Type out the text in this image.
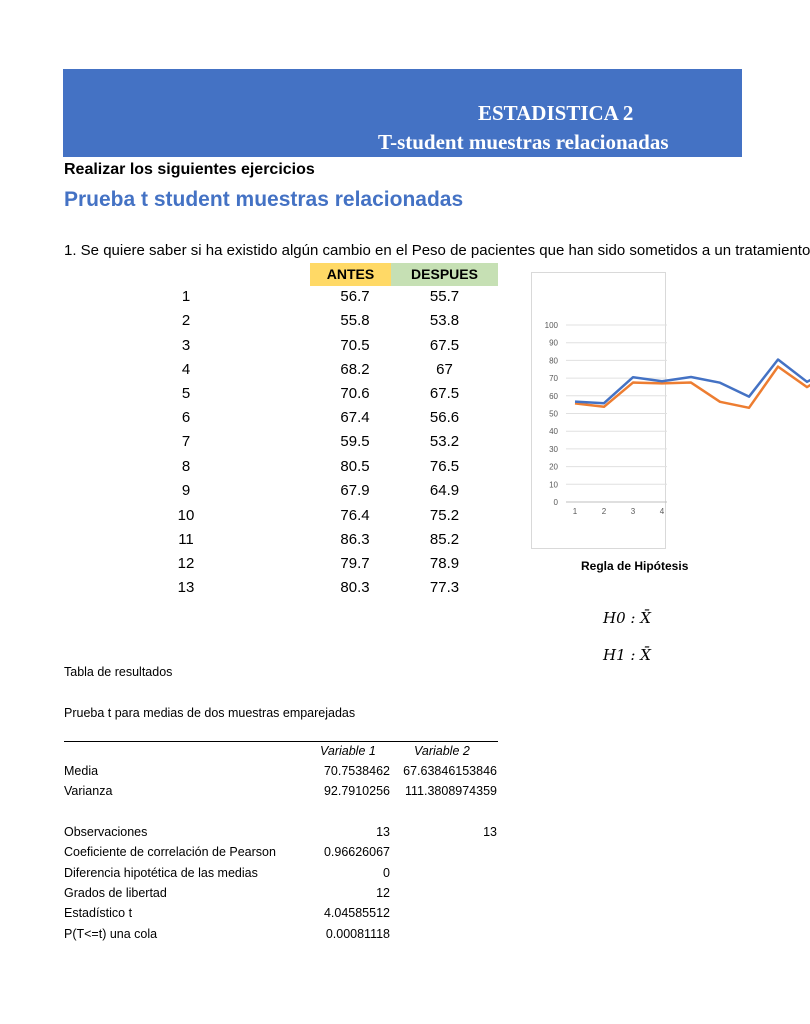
ESTADISTICA 2
T-student muestras relacionadas
Realizar los siguientes ejercicios
Prueba t student muestras relacionadas
1. Se quiere saber si ha existido algún cambio en el Peso de pacientes que han sido sometidos a un tratamiento
ANTES	DESPUES
1	56.7	55.7
2	55.8	53.8
3	70.5	67.5
4	68.2	67
5	70.6	67.5
6	67.4	56.6
7	59.5	53.2
8	80.5	76.5
9	67.9	64.9
10	76.4	75.2
11	86.3	85.2
12	79.7	78.9
13	80.3	77.3
0
10
20
30
40
50
60
70
80
90
100
1	2	3	4
Regla de Hipótesis
H0 : X̄
H1 : X̄
Tabla de resultados
Prueba t para medias de dos muestras emparejadas
Variable 1	Variable 2
Media	70.7538462 67.63846153846
Varianza	92.7910256 111.3808974359
Observaciones	13	13
Coeficiente de correlación de Pearson	0.96626067
Diferencia hipotética de las medias	0
Grados de libertad	12
Estadístico t	4.04585512
P(T<=t) una cola	0.00081118
